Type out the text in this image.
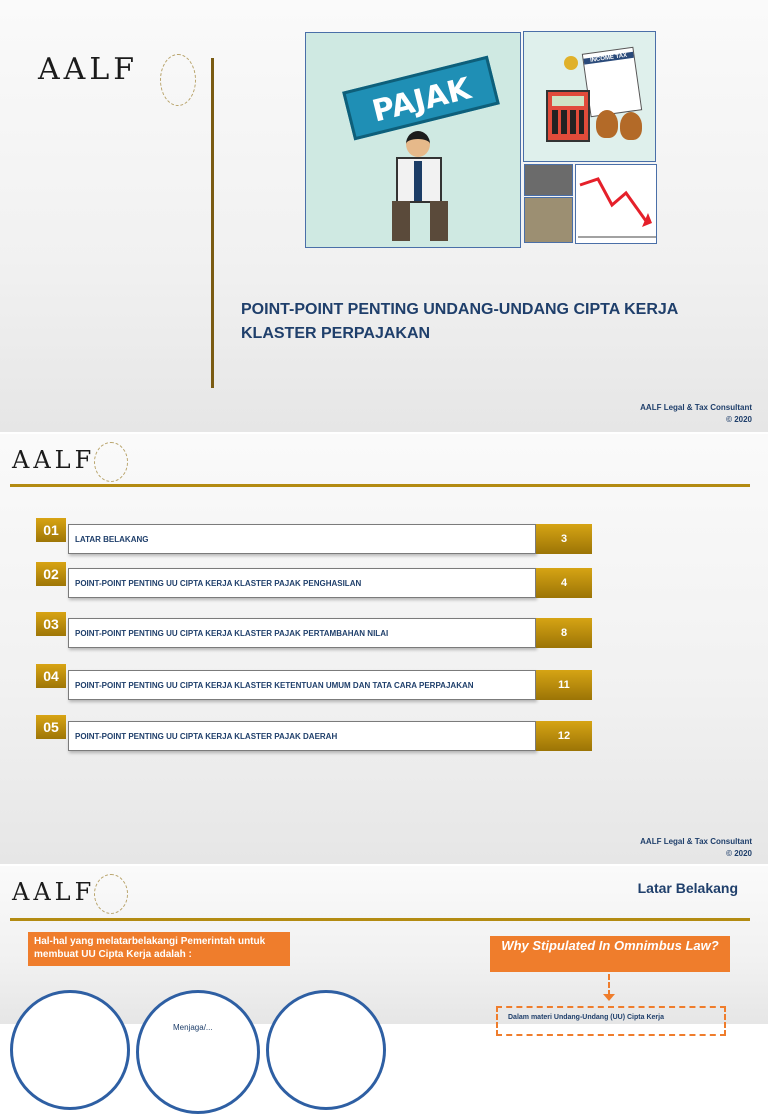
AALF
PAJAK
INCOME TAX
POINT-POINT PENTING UNDANG-UNDANG CIPTA KERJA
KLASTER PERPAJAKAN
AALF Legal & Tax Consultant
© 2020
AALF
01
LATAR BELAKANG	3
02
POINT-POINT PENTING UU CIPTA KERJA KLASTER PAJAK PENGHASILAN	4
03
POINT-POINT PENTING UU CIPTA KERJA KLASTER PAJAK PERTAMBAHAN NILAI	8
04
POINT-POINT PENTING UU CIPTA KERJA KLASTER KETENTUAN UMUM DAN TATA CARA PERPAJAKAN	11
05
POINT-POINT PENTING UU CIPTA KERJA KLASTER PAJAK DAERAH	12
AALF Legal & Tax Consultant
© 2020
AALF	Latar Belakang
Hal-hal yang melatarbelakangi Pemerintah untuk membuat UU Cipta Kerja adalah :
Why Stipulated In Omnimbus Law?
Dalam materi Undang-Undang (UU) Cipta Kerja
Menjaga/...
